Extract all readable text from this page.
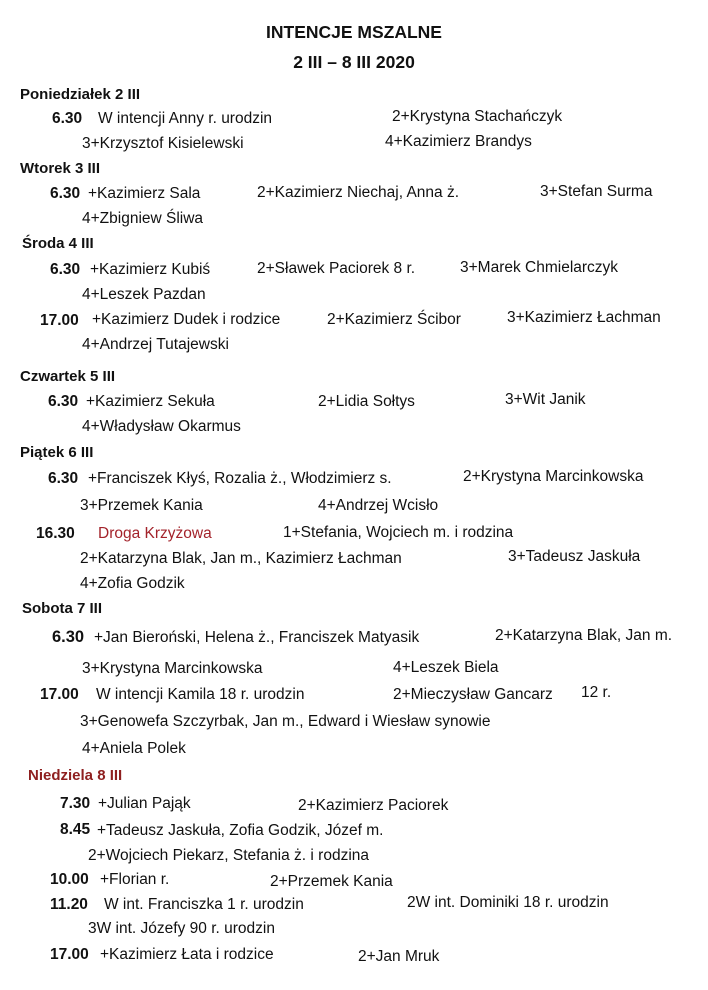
INTENCJE MSZALNE
2 III – 8 III 2020
Poniedziałek 2 III
6.30 W intencji Anny r. urodzin	2+Krystyna Stachańczyk
3+Krzysztof Kisielewski	4+Kazimierz Brandys
Wtorek 3 III
6.30 +Kazimierz Sala	2+Kazimierz Niechaj, Anna ż.	3+Stefan Surma
4+Zbigniew Śliwa
Środa 4 III
6.30 +Kazimierz Kubiś	2+Sławek Paciorek 8 r.	3+Marek Chmielarczyk
4+Leszek Pazdan
17.00 +Kazimierz Dudek i rodzice	2+Kazimierz Ścibor	3+Kazimierz Łachman
4+Andrzej Tutajewski
Czwartek 5 III
6.30 +Kazimierz Sekuła	2+Lidia Sołtys	3+Wit Janik
4+Władysław Okarmus
Piątek 6 III
6.30 +Franciszek Kłyś, Rozalia ż., Włodzimierz s.	2+Krystyna Marcinkowska
3+Przemek Kania	4+Andrzej Wcisło
16.30 Droga Krzyżowa	1+Stefania, Wojciech m. i rodzina
2+Katarzyna Blak, Jan m., Kazimierz Łachman	3+Tadeusz Jaskuła
4+Zofia Godzik
Sobota 7 III
6.30 +Jan Bieroński, Helena ż., Franciszek Matyasik	2+Katarzyna Blak, Jan m.
3+Krystyna Marcinkowska	4+Leszek Biela
17.00 W intencji Kamila 18 r. urodzin	2+Mieczysław Gancarz 12 r.
3+Genowefa Szczyrbak, Jan m., Edward i Wiesław synowie
4+Aniela Polek
Niedziela 8 III
7.30 +Julian Pająk	2+Kazimierz Paciorek
8.45 +Tadeusz Jaskuła, Zofia Godzik, Józef m.
2+Wojciech Piekarz, Stefania ż. i rodzina
10.00 +Florian r.	2+Przemek Kania
11.20 W int. Franciszka 1 r. urodzin	2W int. Dominiki 18 r. urodzin
3W int. Józefy 90 r. urodzin
17.00 +Kazimierz Łata i rodzice	2+Jan Mruk
